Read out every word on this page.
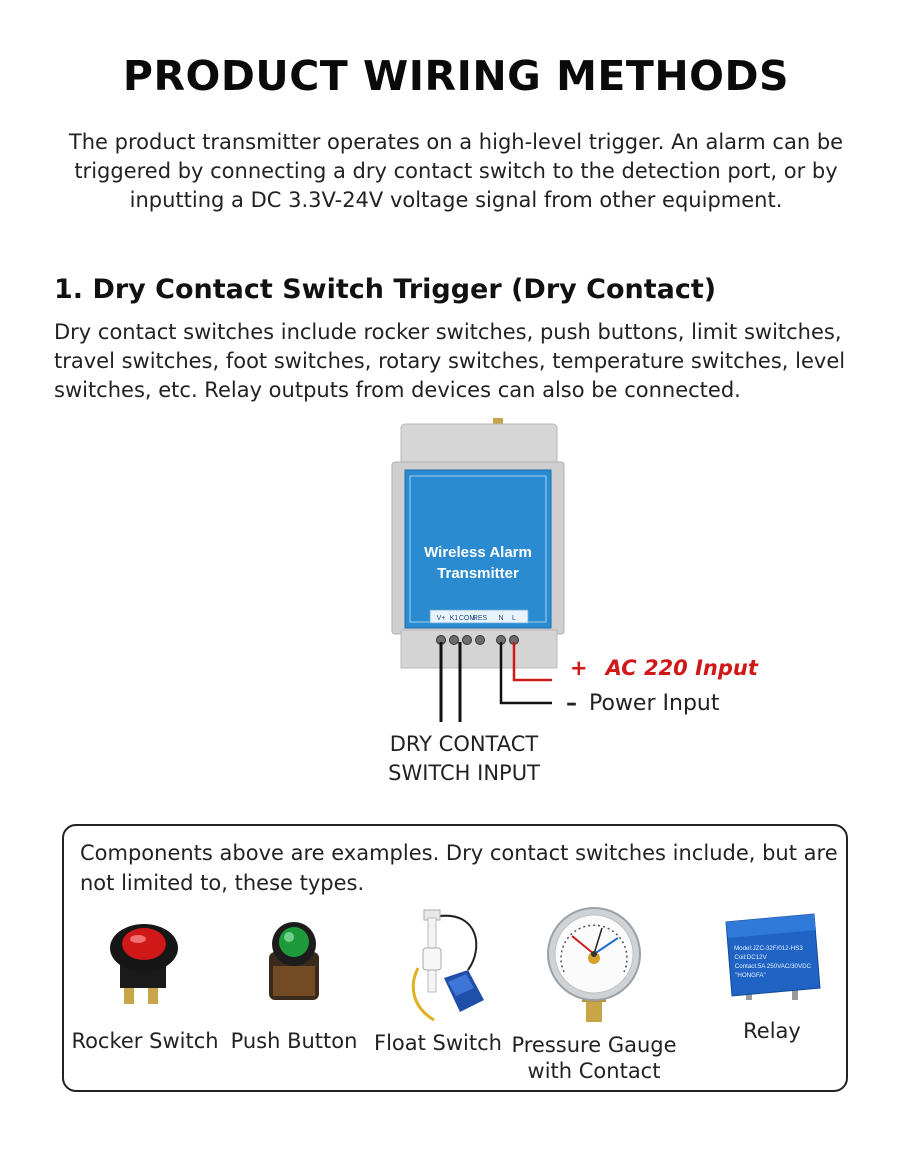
PRODUCT WIRING METHODS
The product transmitter operates on a high-level trigger. An alarm can be triggered by connecting a dry contact switch to the detection port, or by inputting a DC 3.3V-24V voltage signal from other equipment.
1. Dry Contact Switch Trigger (Dry Contact)
Dry contact switches include rocker switches, push buttons, limit switches, travel switches, foot switches, rotary switches, temperature switches, level switches, etc. Relay outputs from devices can also be connected.
Wireless Alarm
Transmitter
V+ K1 COM
RES N L
+ AC 220 Input
– Power Input
DRY CONTACT
SWITCH INPUT
Components above are examples. Dry contact switches include, but are not limited to, these types.
Rocker Switch Push Button Float Switch Pressure Gauge
with Contact
Model:JZC-32F/012-HS3
Coil:DC12V
Contact:5A 250VAC/30VDC
"HONGFA"
Relay
